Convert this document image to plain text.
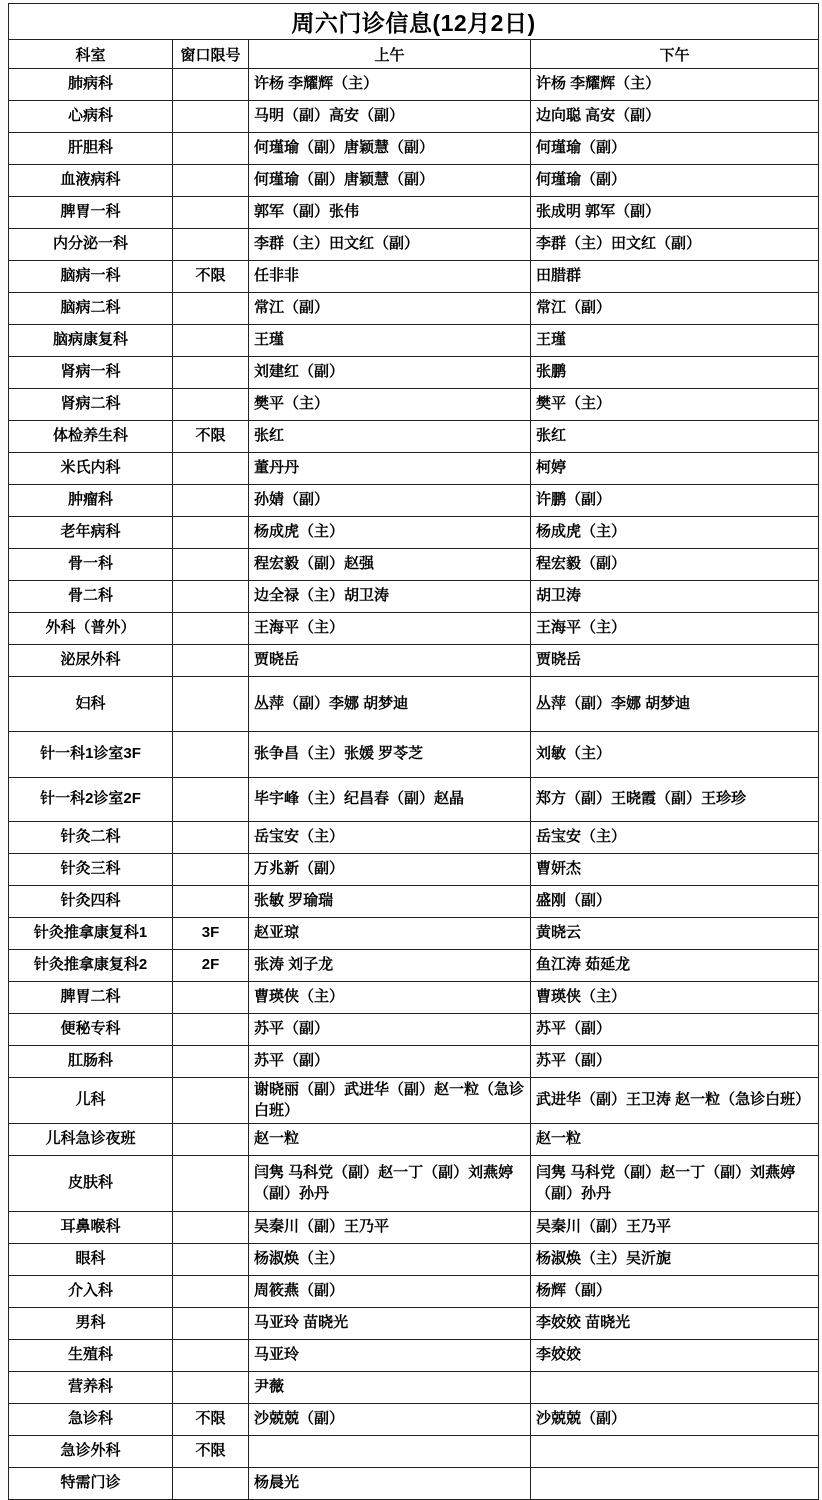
周六门诊信息(12月2日)			
科室	窗口限号	上午	下午
肺病科		许杨 李耀辉（主）	许杨 李耀辉（主）
心病科		马明（副）高安（副）	边向聪 高安（副）
肝胆科		何瑾瑜（副）唐颖慧（副）	何瑾瑜（副）
血液病科		何瑾瑜（副）唐颖慧（副）	何瑾瑜（副）
脾胃一科		郭军（副）张伟	张成明 郭军（副）
内分泌一科		李群（主）田文红（副）	李群（主）田文红（副）
脑病一科	不限	任非非	田腊群
脑病二科		常江（副）	常江（副）
脑病康复科		王瑾	王瑾
肾病一科		刘建红（副）	张鹏
肾病二科		樊平（主）	樊平（主）
体检养生科	不限	张红	张红
米氏内科		董丹丹	柯婷
肿瘤科		孙婧（副）	许鹏（副）
老年病科		杨成虎（主）	杨成虎（主）
骨一科		程宏毅（副）赵强	程宏毅（副）
骨二科		边全禄（主）胡卫涛	胡卫涛
外科（普外）		王海平（主）	王海平（主）
泌尿外科		贾晓岳	贾晓岳
妇科		丛萍（副）李娜 胡梦迪	丛萍（副）李娜 胡梦迪
针一科1诊室3F		张争昌（主）张媛 罗苓芝	刘敏（主）
针一科2诊室2F		毕宇峰（主）纪昌春（副）赵晶	郑方（副）王晓霞（副）王珍珍
针灸二科		岳宝安（主）	岳宝安（主）
针灸三科		万兆新（副）	曹妍杰
针灸四科		张敏 罗瑜瑞	盛刚（副）
针灸推拿康复科1	3F	赵亚琼	黄晓云
针灸推拿康复科2	2F	张涛 刘子龙	鱼江涛 茹延龙
脾胃二科		曹瑛侠（主）	曹瑛侠（主）
便秘专科		苏平（副）	苏平（副）
肛肠科		苏平（副）	苏平（副）
儿科		谢晓丽（副）武进华（副）赵一粒（急诊白班）	武进华（副）王卫涛 赵一粒（急诊白班）
儿科急诊夜班		赵一粒	赵一粒
皮肤科		闫隽 马科党（副）赵一丁（副）刘燕婷（副）孙丹	闫隽 马科党（副）赵一丁（副）刘燕婷（副）孙丹
耳鼻喉科		吴秦川（副）王乃平	吴秦川（副）王乃平
眼科		杨淑焕（主）	杨淑焕（主）吴沂旎
介入科		周筱燕（副）	杨辉（副）
男科		马亚玲 苗晓光	李姣姣 苗晓光
生殖科		马亚玲	李姣姣
营养科		尹薇	
急诊科	不限	沙兢兢（副）	沙兢兢（副）
急诊外科	不限		
特需门诊		杨晨光	
